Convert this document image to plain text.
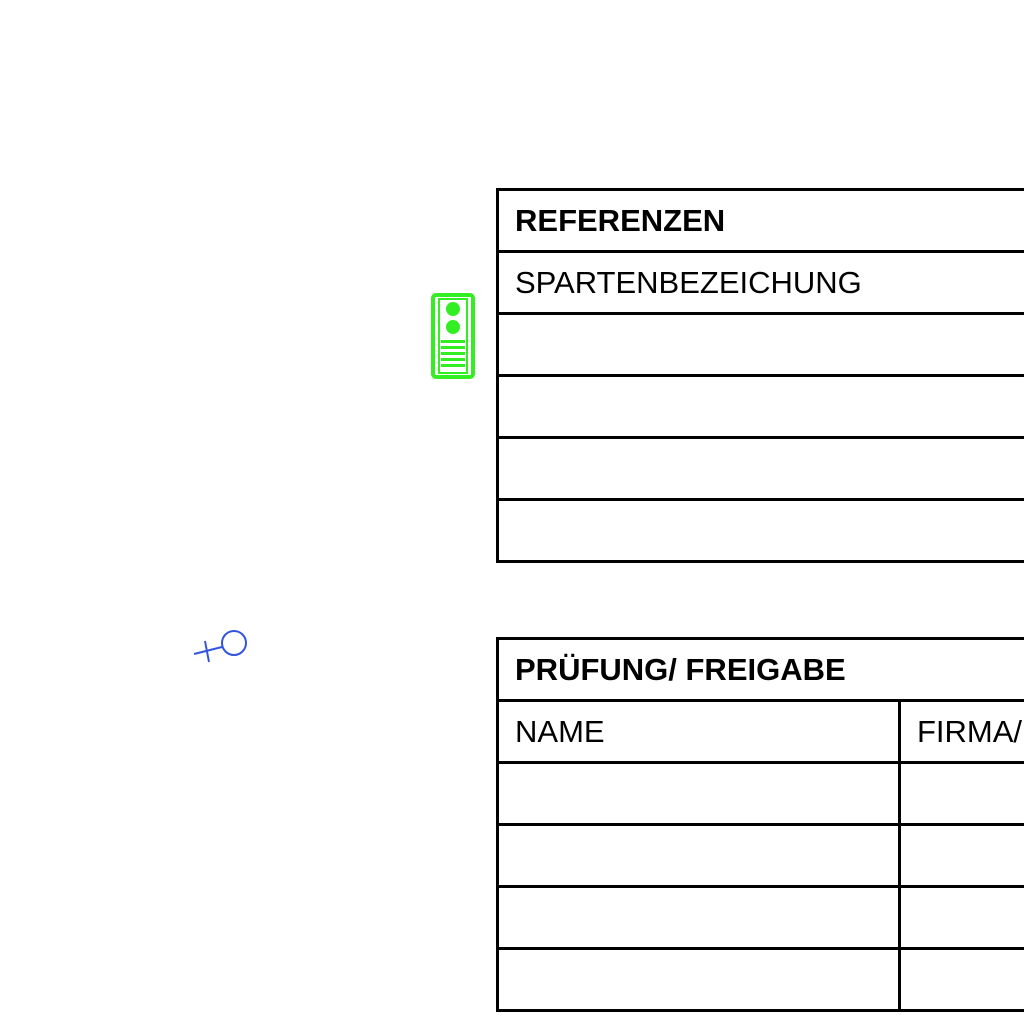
REFERENZEN
SPARTENBEZEICHUNG

PRÜFUNG/ FREIGABE	
NAME	FIRMA/
